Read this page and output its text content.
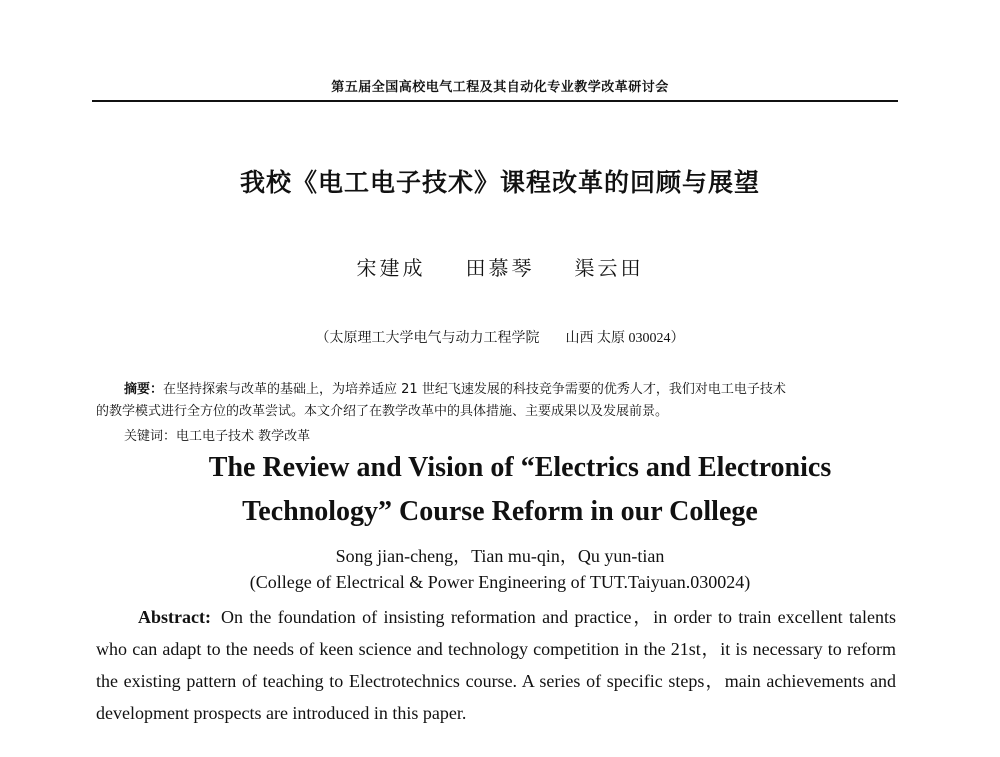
第五届全国高校电气工程及其自动化专业教学改革研讨会
我校《电工电子技术》课程改革的回顾与展望
宋建成 田慕琴 渠云田
（太原理工大学电气与动力工程学院 山西 太原 030024）
摘要：在坚持探索与改革的基础上，为培养适应 21 世纪飞速发展的科技竞争需要的优秀人才，我们对电工电子技术
的教学模式进行全方位的改革尝试。本文介绍了在教学改革中的具体措施、主要成果以及发展前景。
关键词：电工电子技术 教学改革
The Review and Vision of “Electrics and Electronics
Technology” Course Reform in our College
Song jian-cheng，Tian mu-qin，Qu yun-tian
(College of Electrical & Power Engineering of TUT.Taiyuan.030024)
Abstract: On the foundation of insisting reformation and practice，in order to train excellent talents who can adapt to the needs of keen science and technology competition in the 21st，it is necessary to reform the existing pattern of teaching to Electrotechnics course. A series of specific steps，main achievements and development prospects are introduced in this paper.
